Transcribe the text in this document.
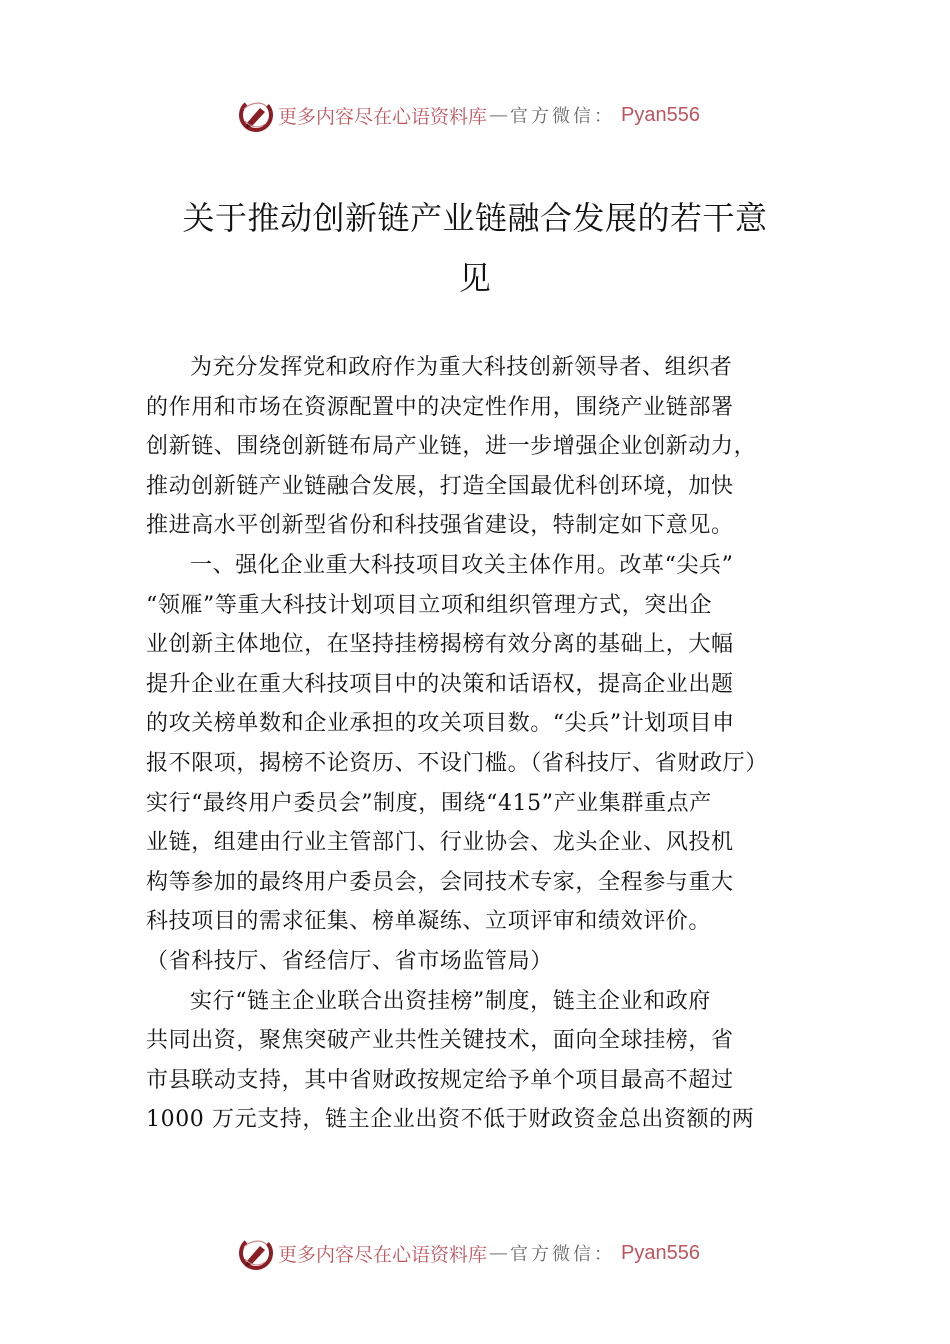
更多内容尽在心语资料库 — 官方微信： Pyan556
关于推动创新链产业链融合发展的若干意
见

为充分发挥党和政府作为重大科技创新领导者、组织者
的作用和市场在资源配置中的决定性作用，围绕产业链部署
创新链、围绕创新链布局产业链，进一步增强企业创新动力，
推动创新链产业链融合发展，打造全国最优科创环境，加快
推进高水平创新型省份和科技强省建设，特制定如下意见。

一、强化企业重大科技项目攻关主体作用。改革“尖兵”
“领雁”等重大科技计划项目立项和组织管理方式，突出企
业创新主体地位，在坚持挂榜揭榜有效分离的基础上，大幅
提升企业在重大科技项目中的决策和话语权，提高企业出题
的攻关榜单数和企业承担的攻关项目数。“尖兵”计划项目申
报不限项，揭榜不论资历、不设门槛。（省科技厅、省财政厅）
实行“最终用户委员会”制度，围绕“415”产业集群重点产
业链，组建由行业主管部门、行业协会、龙头企业、风投机
构等参加的最终用户委员会，会同技术专家，全程参与重大
科技项目的需求征集、榜单凝练、立项评审和绩效评价。
（省科技厅、省经信厅、省市场监管局）

实行“链主企业联合出资挂榜”制度，链主企业和政府

共同出资，聚焦突破产业共性关键技术，面向全球挂榜，省
市县联动支持，其中省财政按规定给予单个项目最高不超过
1000 万元支持，链主企业出资不低于财政资金总出资额的两

更多内容尽在心语资料库 — 官方微信： Pyan556
